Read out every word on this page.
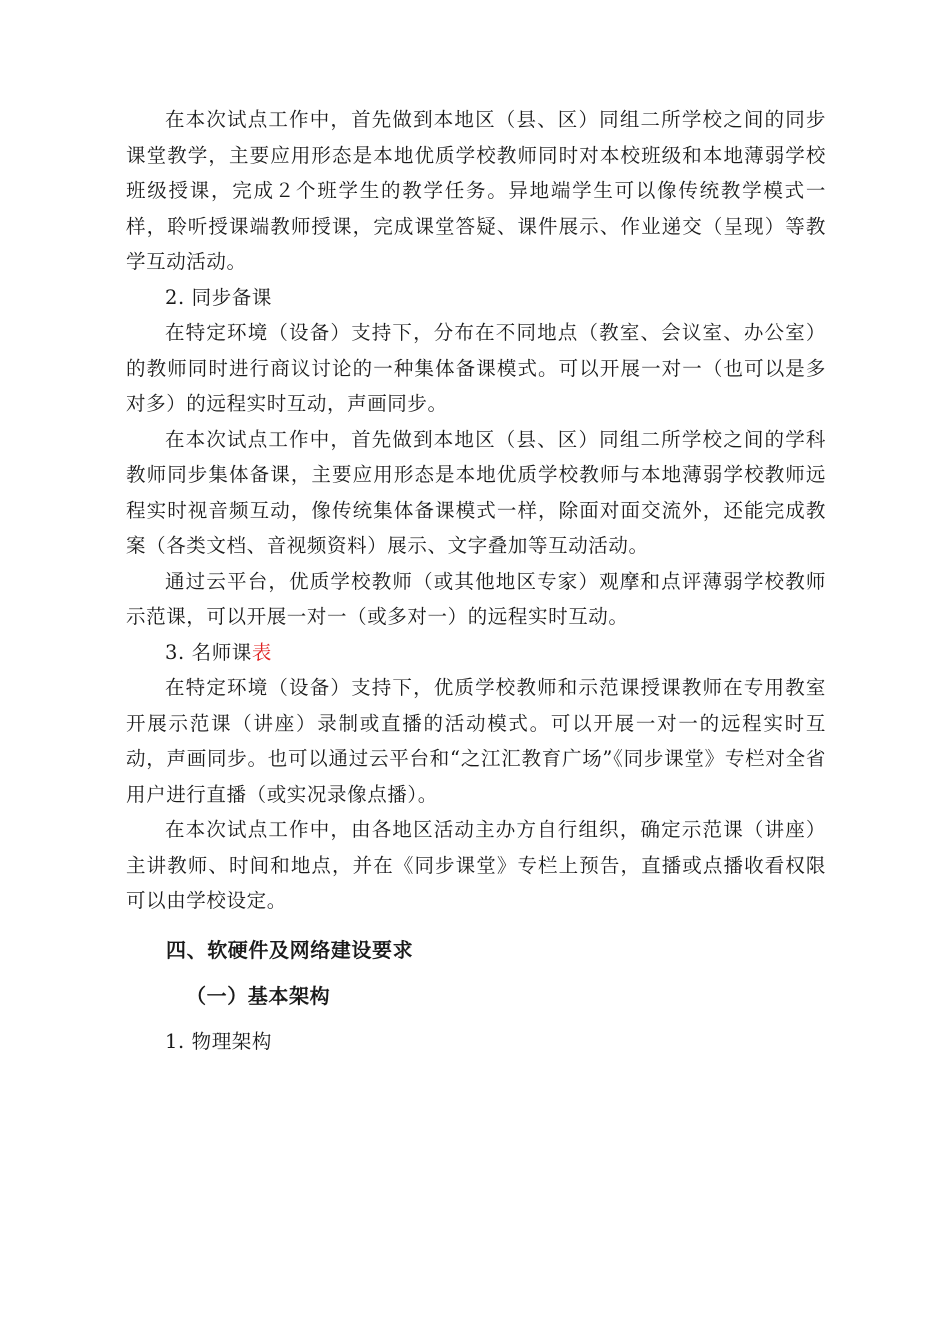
在本次试点工作中，首先做到本地区（县、区）同组二所学校之间的同步课堂教学，主要应用形态是本地优质学校教师同时对本校班级和本地薄弱学校班级授课，完成２个班学生的教学任务。异地端学生可以像传统教学模式一样，聆听授课端教师授课，完成课堂答疑、课件展示、作业递交（呈现）等教学互动活动。

2. 同步备课

在特定环境（设备）支持下，分布在不同地点（教室、会议室、办公室）的教师同时进行商议讨论的一种集体备课模式。可以开展一对一（也可以是多对多）的远程实时互动，声画同步。

在本次试点工作中，首先做到本地区（县、区）同组二所学校之间的学科教师同步集体备课，主要应用形态是本地优质学校教师与本地薄弱学校教师远程实时视音频互动，像传统集体备课模式一样，除面对面交流外，还能完成教案（各类文档、音视频资料）展示、文字叠加等互动活动。

通过云平台，优质学校教师（或其他地区专家）观摩和点评薄弱学校教师示范课，可以开展一对一（或多对一）的远程实时互动。

3. 名师课表

在特定环境（设备）支持下，优质学校教师和示范课授课教师在专用教室开展示范课（讲座）录制或直播的活动模式。可以开展一对一的远程实时互动，声画同步。也可以通过云平台和“之江汇教育广场”《同步课堂》专栏对全省用户进行直播（或实况录像点播）。

在本次试点工作中，由各地区活动主办方自行组织，确定示范课（讲座）主讲教师、时间和地点，并在《同步课堂》专栏上预告，直播或点播收看权限可以由学校设定。

四、软硬件及网络建设要求

（一）基本架构

1. 物理架构
